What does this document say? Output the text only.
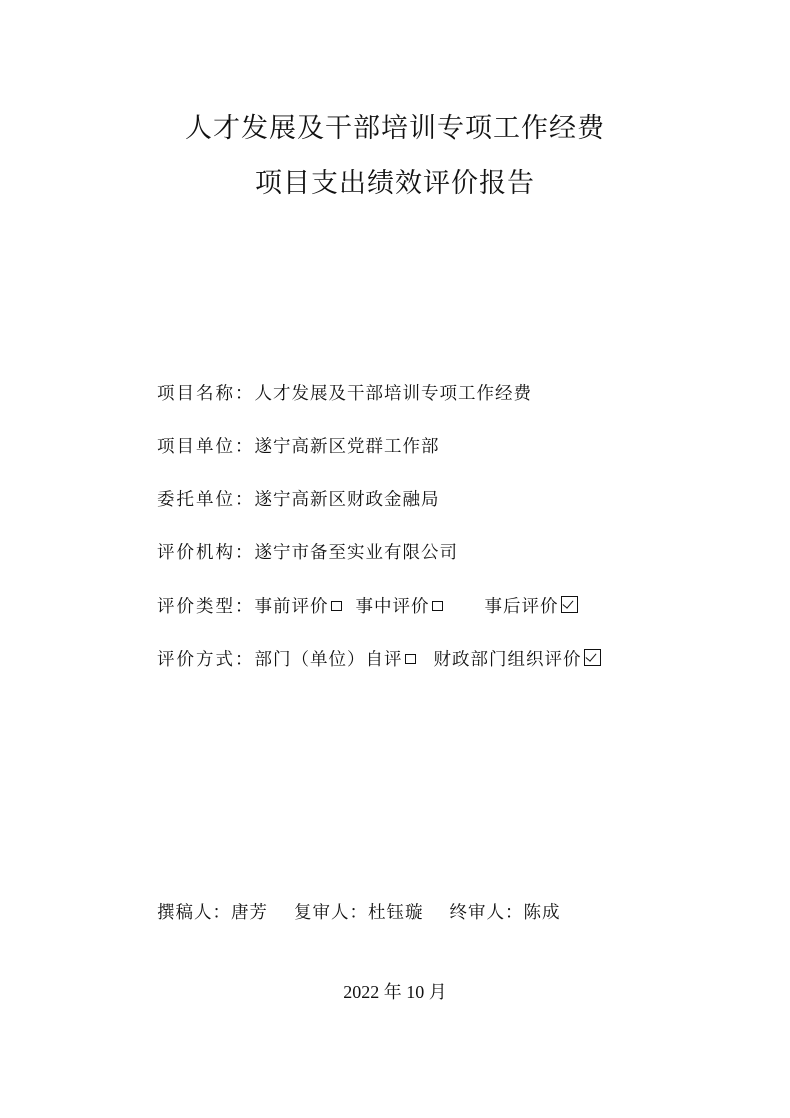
人才发展及干部培训专项工作经费
项目支出绩效评价报告
项目名称：人才发展及干部培训专项工作经费
项目单位：遂宁高新区党群工作部
委托单位：遂宁高新区财政金融局
评价机构：遂宁市备至实业有限公司
评价类型：事前评价 事中评价	事后评价
评价方式：部门（单位）自评 财政部门组织评价
撰稿人：唐芳 复审人：杜钰璇 终审人：陈成
2022 年 10 月
